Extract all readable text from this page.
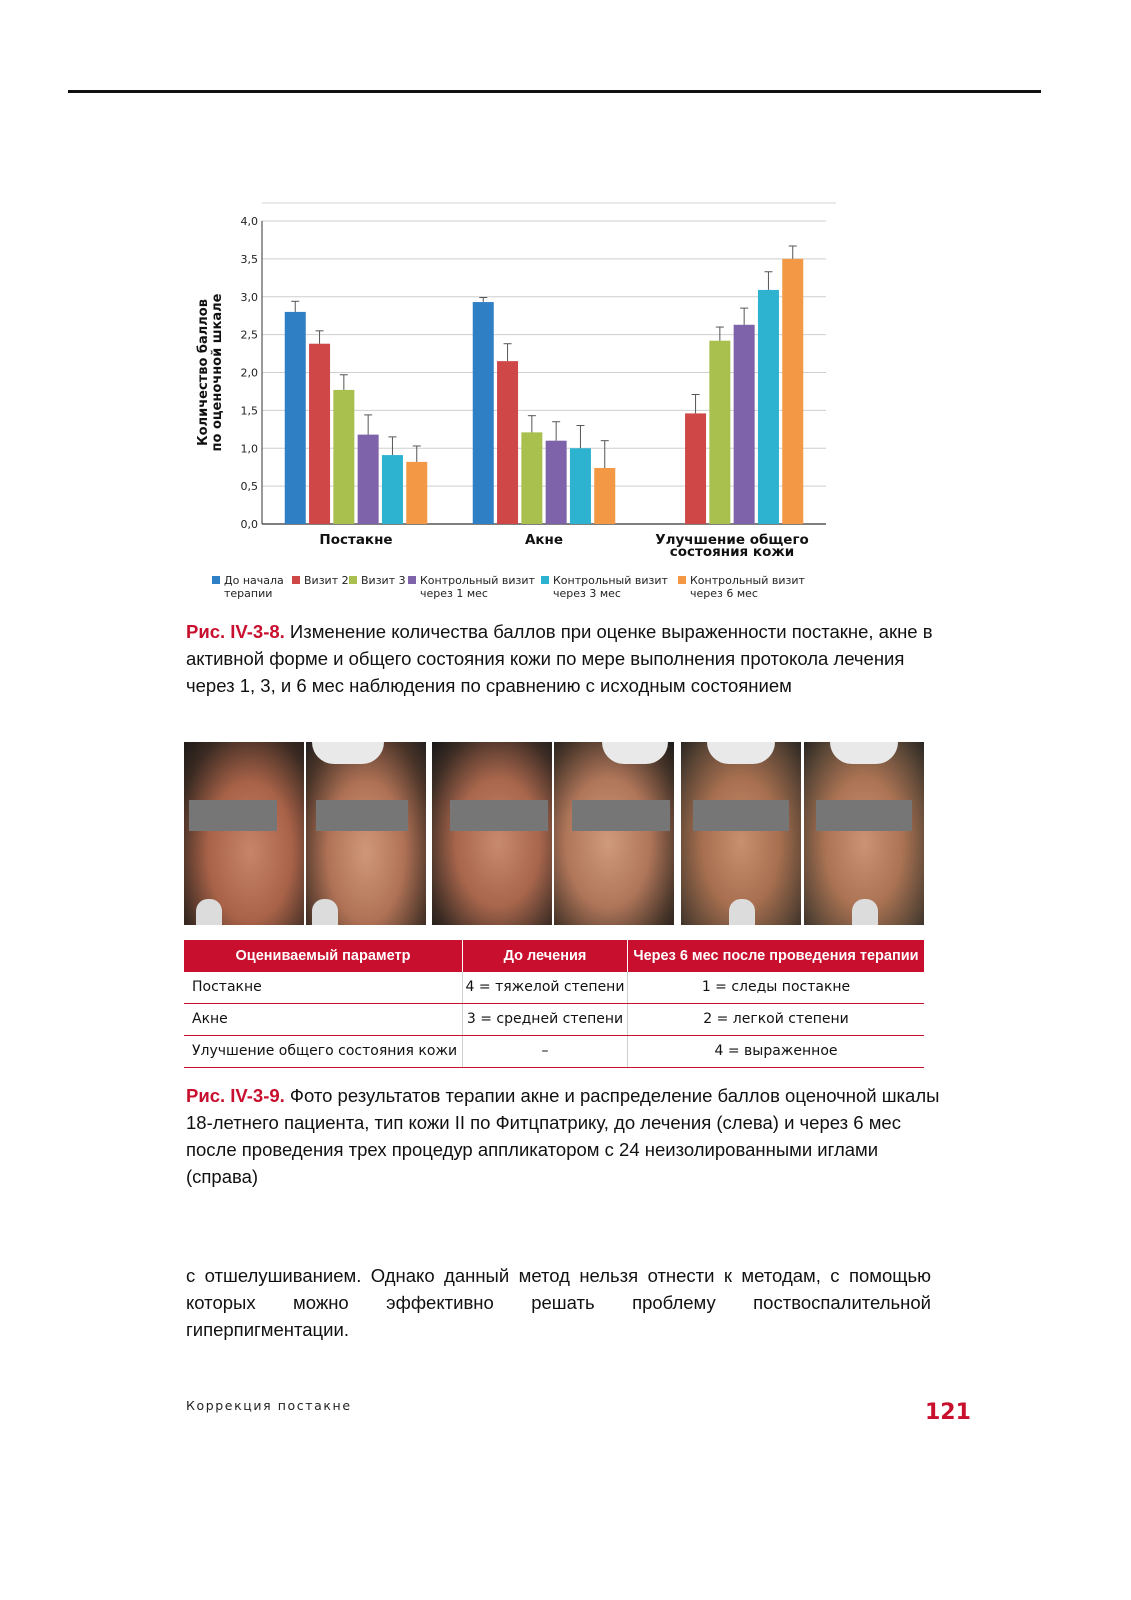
0,0
0,5
1,0
1,5
2,0
2,5
3,0
3,5
4,0
Количество балловпо оценочной шкале
Постакне	Акне	Улучшение общего состояния кожи
До начала
терапии
Визит 2 Визит 3 Контрольный визит
через 1 мес
Контрольный визит
через 3 мес
Контрольный визит
через 6 мес

Рис. IV-3-8. Изменение количества баллов при оценке выраженности постакне, акне в активной форме и общего состояния кожи по мере выполнения протокола лечения через 1, 3, и 6 мес наблюдения по сравнению с исходным состоянием

Оцениваемый параметр	До лечения	Через 6 мес после проведения терапии
Постакне	4 = тяжелой степени	1 = следы постакне
Акне	3 = средней степени	2 = легкой степени
Улучшение общего состояния кожи	–	4 = выраженное

Рис. IV-3-9. Фото результатов терапии акне и распределение баллов оценочной шкалы 18-летнего пациента, тип кожи II по Фитцпатрику, до лечения (слева) и через 6 мес после проведения трех процедур аппликатором с 24 неизолированными иглами (справа)

с отшелушиванием. Однако данный метод нельзя отнести к методам, с помощью которых можно эффективно решать проблему поствоспалительной гиперпигментации.

Коррекция постакне	121
